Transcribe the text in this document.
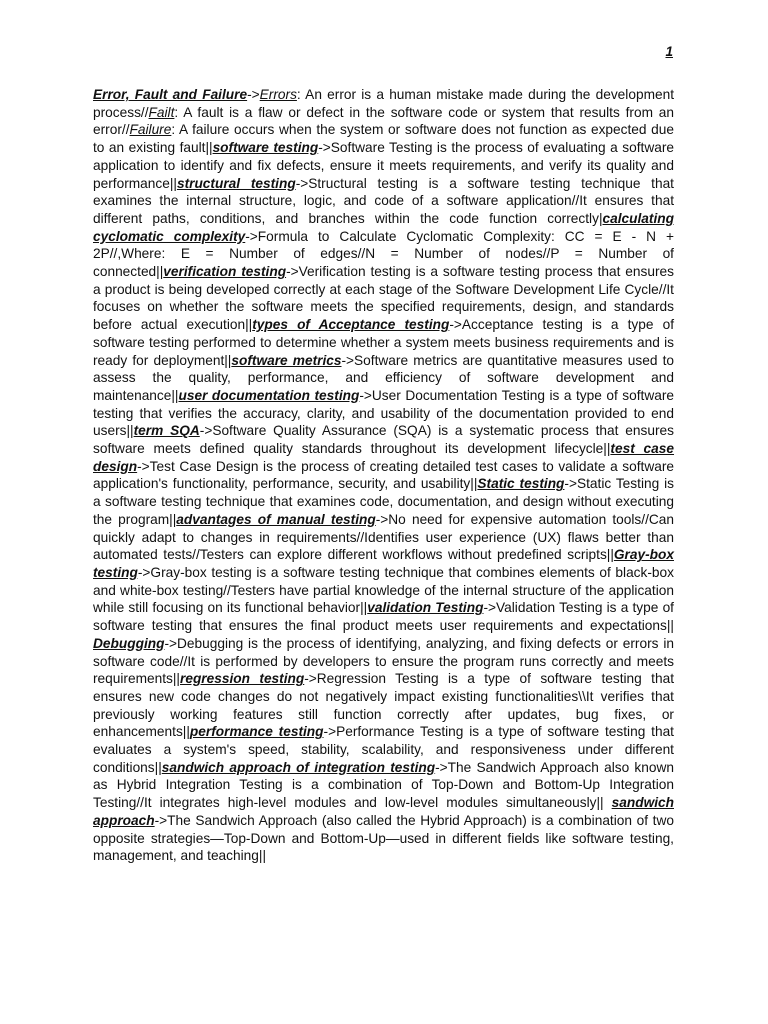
1

Error, Fault and Failure->Errors: An error is a human mistake made during the development process//Failt: A fault is a flaw or defect in the software code or system that results from an error//Failure: A failure occurs when the system or software does not function as expected due to an existing fault||software testing->Software Testing is the process of evaluating a software application to identify and fix defects, ensure it meets requirements, and verify its quality and performance||structural testing->Structural testing is a software testing technique that examines the internal structure, logic, and code of a software application//It ensures that different paths, conditions, and branches within the code function correctly|calculating cyclomatic complexity->Formula to Calculate Cyclomatic Complexity: CC = E - N + 2P//,Where: E = Number of edges//N = Number of nodes//P = Number of connected||verification testing->Verification testing is a software testing process that ensures a product is being developed correctly at each stage of the Software Development Life Cycle//It focuses on whether the software meets the specified requirements, design, and standards before actual execution||types of Acceptance testing->Acceptance testing is a type of software testing performed to determine whether a system meets business requirements and is ready for deployment||software metrics->Software metrics are quantitative measures used to assess the quality, performance, and efficiency of software development and maintenance||user documentation testing->User Documentation Testing is a type of software testing that verifies the accuracy, clarity, and usability of the documentation provided to end users||term SQA->Software Quality Assurance (SQA) is a systematic process that ensures software meets defined quality standards throughout its development lifecycle||test case design->Test Case Design is the process of creating detailed test cases to validate a software application's functionality, performance, security, and usability||Static testing->Static Testing is a software testing technique that examines code, documentation, and design without executing the program||advantages of manual testing->No need for expensive automation tools//Can quickly adapt to changes in requirements//Identifies user experience (UX) flaws better than automated tests//Testers can explore different workflows without predefined scripts||Gray-box testing->Gray-box testing is a software testing technique that combines elements of black-box and white-box testing//Testers have partial knowledge of the internal structure of the application while still focusing on its functional behavior||validation Testing->Validation Testing is a type of software testing that ensures the final product meets user requirements and expectations|| Debugging->Debugging is the process of identifying, analyzing, and fixing defects or errors in software code//It is performed by developers to ensure the program runs correctly and meets requirements||regression testing->Regression Testing is a type of software testing that ensures new code changes do not negatively impact existing functionalities\\It verifies that previously working features still function correctly after updates, bug fixes, or enhancements||performance testing->Performance Testing is a type of software testing that evaluates a system's speed, stability, scalability, and responsiveness under different conditions||sandwich approach of integration testing->The Sandwich Approach also known as Hybrid Integration Testing is a combination of Top-Down and Bottom-Up Integration Testing//It integrates high-level modules and low-level modules simultaneously|| sandwich approach->The Sandwich Approach (also called the Hybrid Approach) is a combination of two opposite strategies—Top-Down and Bottom-Up—used in different fields like software testing, management, and teaching||
